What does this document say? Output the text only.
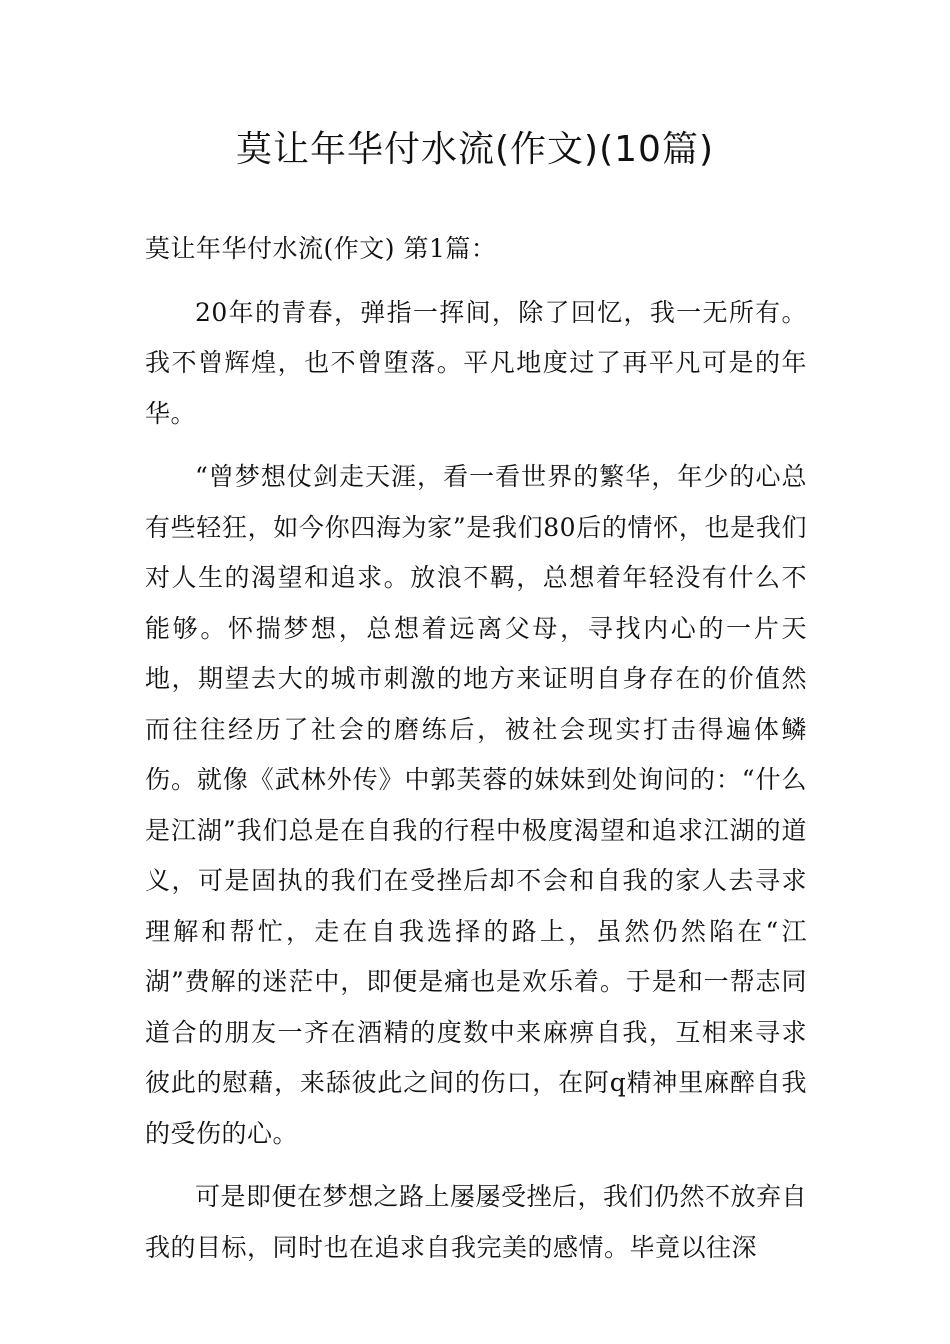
莫让年华付水流(作文)(10篇)

莫让年华付水流(作文) 第1篇：

20年的青春，弹指一挥间，除了回忆，我一无所有。我不曾辉煌，也不曾堕落。平凡地度过了再平凡可是的年华。

“曾梦想仗剑走天涯，看一看世界的繁华，年少的心总有些轻狂，如今你四海为家”是我们80后的情怀，也是我们对人生的渴望和追求。放浪不羁，总想着年轻没有什么不能够。怀揣梦想，总想着远离父母，寻找内心的一片天地，期望去大的城市刺激的地方来证明自身存在的价值然而往往经历了社会的磨练后，被社会现实打击得遍体鳞伤。就像《武林外传》中郭芙蓉的妹妹到处询问的：“什么是江湖”我们总是在自我的行程中极度渴望和追求江湖的道义，可是固执的我们在受挫后却不会和自我的家人去寻求理解和帮忙，走在自我选择的路上，虽然仍然陷在“江湖”费解的迷茫中，即便是痛也是欢乐着。于是和一帮志同道合的朋友一齐在酒精的度数中来麻痹自我，互相来寻求彼此的慰藉，来舔彼此之间的伤口，在阿q精神里麻醉自我的受伤的心。

可是即便在梦想之路上屡屡受挫后，我们仍然不放弃自我的目标，同时也在追求自我完美的感情。毕竟以往深
